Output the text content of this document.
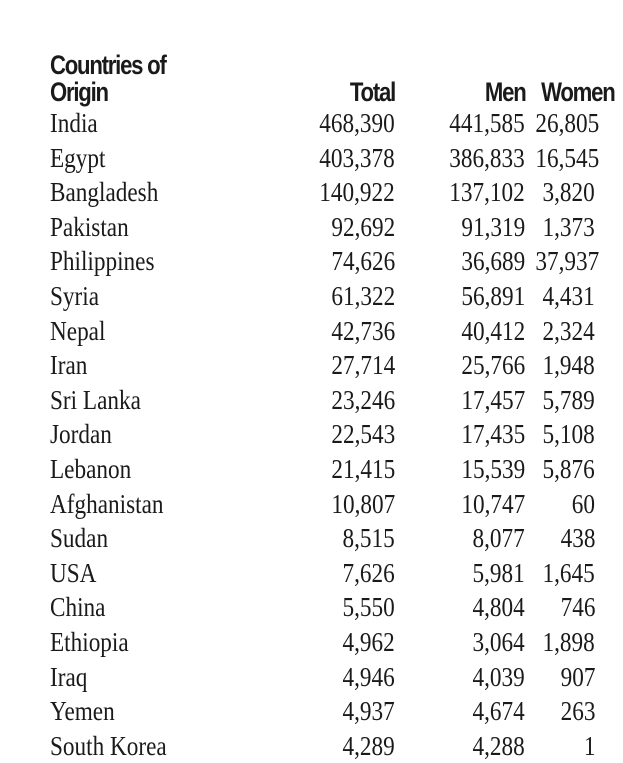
Countries of
Origin	Total	Men	Women
India	468,390	441,585	26,805
Egypt	403,378	386,833	16,545
Bangladesh	140,922	137,102	3,820
Pakistan	92,692	91,319	1,373
Philippines	74,626	36,689	37,937
Syria	61,322	56,891	4,431
Nepal	42,736	40,412	2,324
Iran	27,714	25,766	1,948
Sri Lanka	23,246	17,457	5,789
Jordan	22,543	17,435	5,108
Lebanon	21,415	15,539	5,876
Afghanistan	10,807	10,747	60
Sudan	8,515	8,077	438
USA	7,626	5,981	1,645
China	5,550	4,804	746
Ethiopia	4,962	3,064	1,898
Iraq	4,946	4,039	907
Yemen	4,937	4,674	263
South Korea	4,289	4,288	1
